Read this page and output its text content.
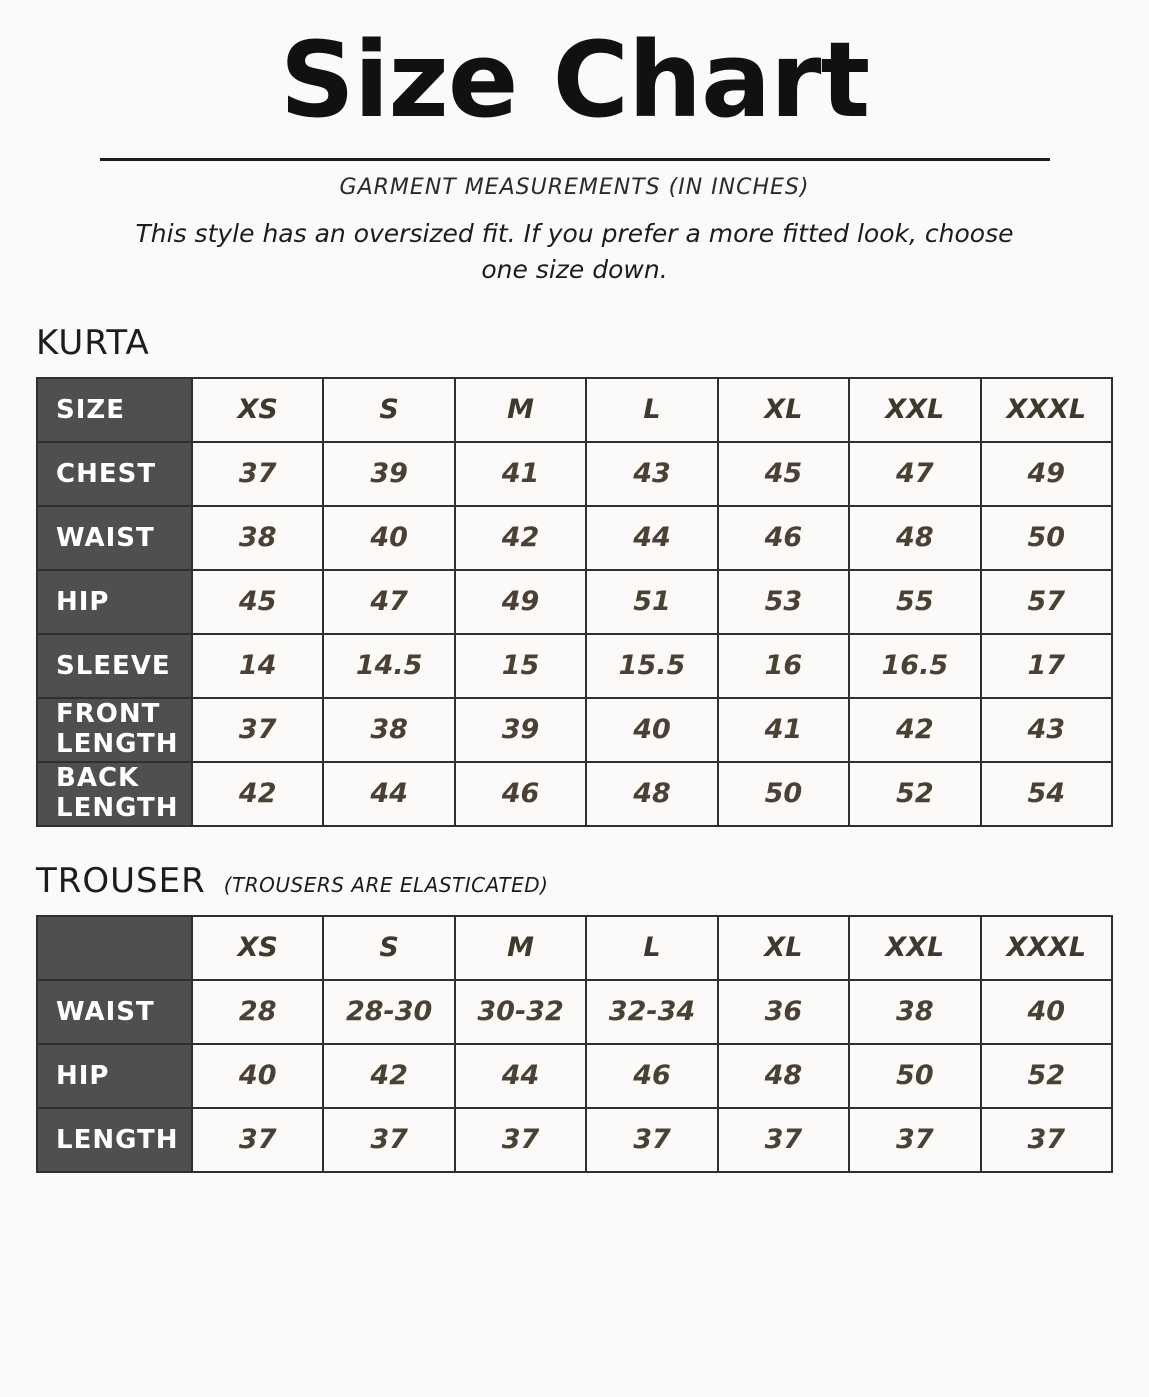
Size Chart
GARMENT MEASUREMENTS (IN INCHES)
This style has an oversized fit. If you prefer a more fitted look, choose one size down.
KURTA
SIZE	XS	S	M	L	XL	XXL	XXXL
CHEST	37	39	41	43	45	47	49
WAIST	38	40	42	44	46	48	50
HIP	45	47	49	51	53	55	57
SLEEVE	14	14.5	15	15.5	16	16.5	17

FRONT
LENGTH	37	38	39	40	41	42	43

BACK
LENGTH	42	44	46	48	50	52	54
TROUSER (TROUSERS ARE ELASTICATED)
	XS	S	M	L	XL	XXL	XXXL
WAIST	28	28-30	30-32	32-34	36	38	40
HIP	40	42	44	46	48	50	52
LENGTH	37	37	37	37	37	37	37
